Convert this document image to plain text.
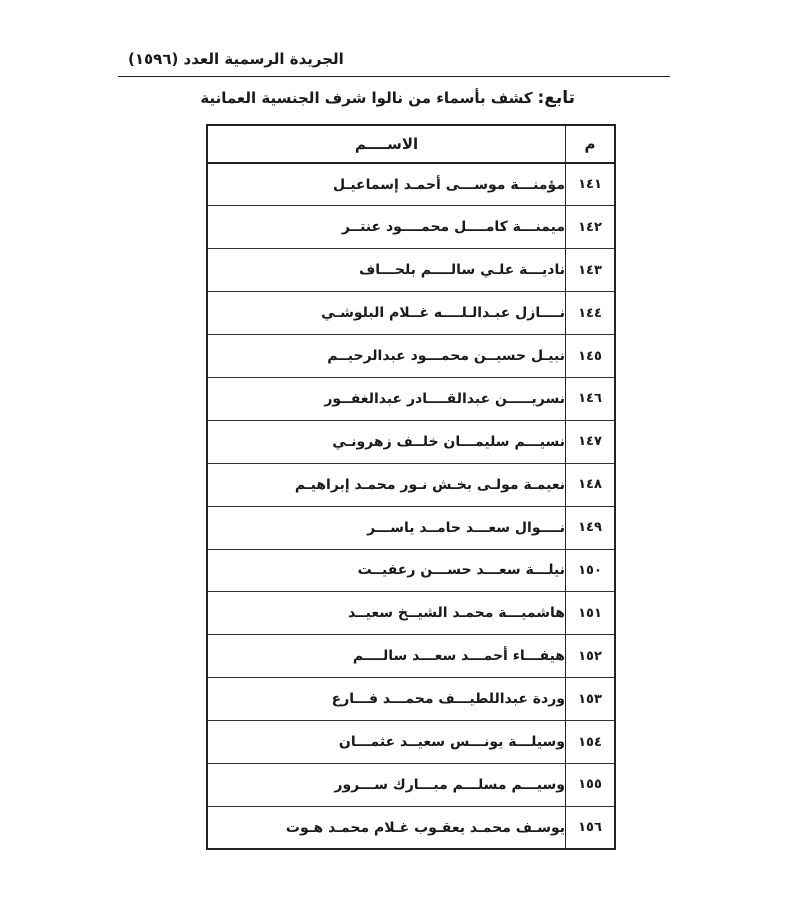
الجريدة الرسمية العدد (١٥٩٦)
تابع: كشف بأسماء من نالوا شرف الجنسية العمانية
م	الاســــم
١٤١	مؤمنـــة موســـى أحمـد إسماعيـل
١٤٢	ميمنـــة كامــــل محمــــود عنتــر
١٤٣	ناديـــة علـي سالــــم بلحـــاف
١٤٤	نــــازل عبـدالـلــــه غــلام البلوشـي
١٤٥	نبيـل حسيــن محمـــود عبدالرحيــم
١٤٦	نسريـــــن عبدالقــــادر عبدالغفــور
١٤٧	نسيـــم سليمـــان خلــف زهرونـي
١٤٨	نعيمـة مولـى بخـش نـور محمـد إبراهيـم
١٤٩	نــــوال سعـــد حامــد ياســـر
١٥٠	نيلـــة سعـــد حســـن رعفيــت
١٥١	هاشميـــة محمـد الشيــخ سعيــد
١٥٢	هيفـــاء أحمـــد سعـــد سالــــم
١٥٣	وردة عبداللطيـــف محمـــد فـــارع
١٥٤	وسيلـــة يونـــس سعيــد عثمـــان
١٥٥	وسيـــم مسلـــم مبـــارك ســـرور
١٥٦	يوسـف محمـد يعقـوب غـلام محمـد هـوت
